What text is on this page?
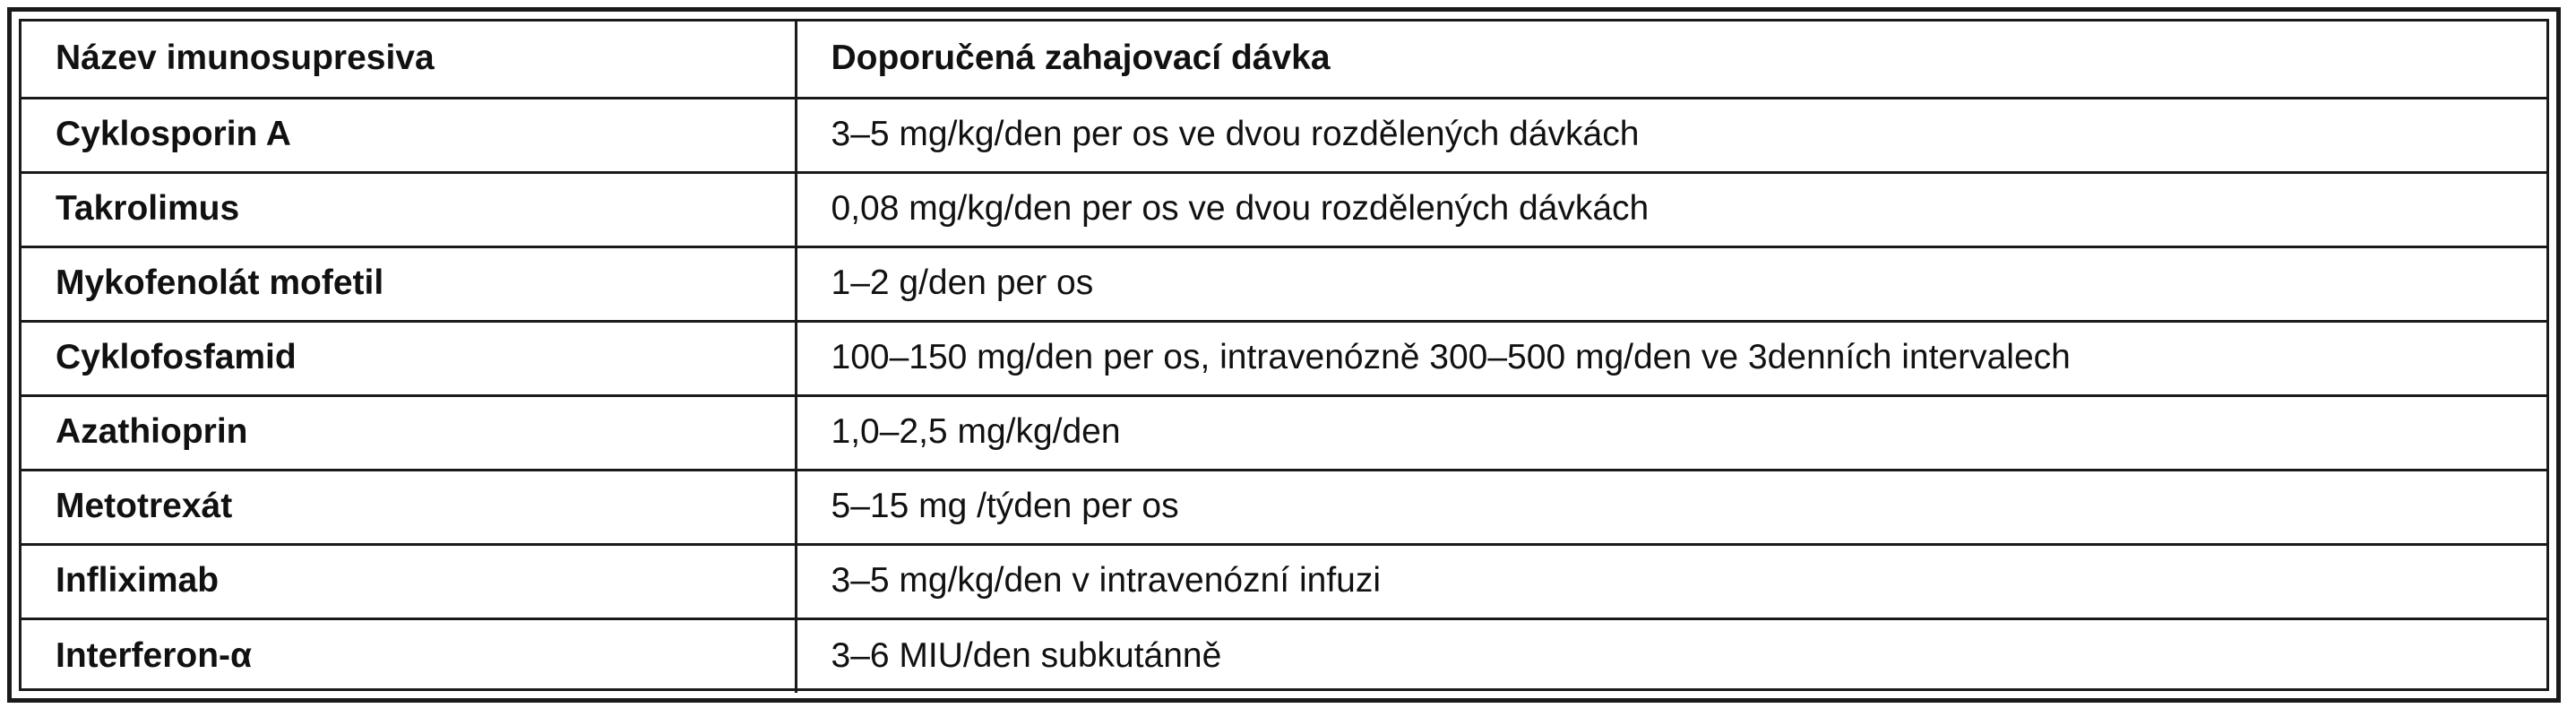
Název imunosupresiva	Doporučená zahajovací dávka
Cyklosporin A	3–5 mg/kg/den per os ve dvou rozdělených dávkách
Takrolimus	0,08 mg/kg/den per os ve dvou rozdělených dávkách
Mykofenolát mofetil	1–2 g/den per os
Cyklofosfamid	100–150 mg/den per os, intravenózně 300–500 mg/den ve 3denních intervalech
Azathioprin	1,0–2,5 mg/kg/den
Metotrexát	5–15 mg /týden per os
Infliximab	3–5 mg/kg/den v intravenózní infuzi
Interferon-α	3–6 MIU/den subkutánně
